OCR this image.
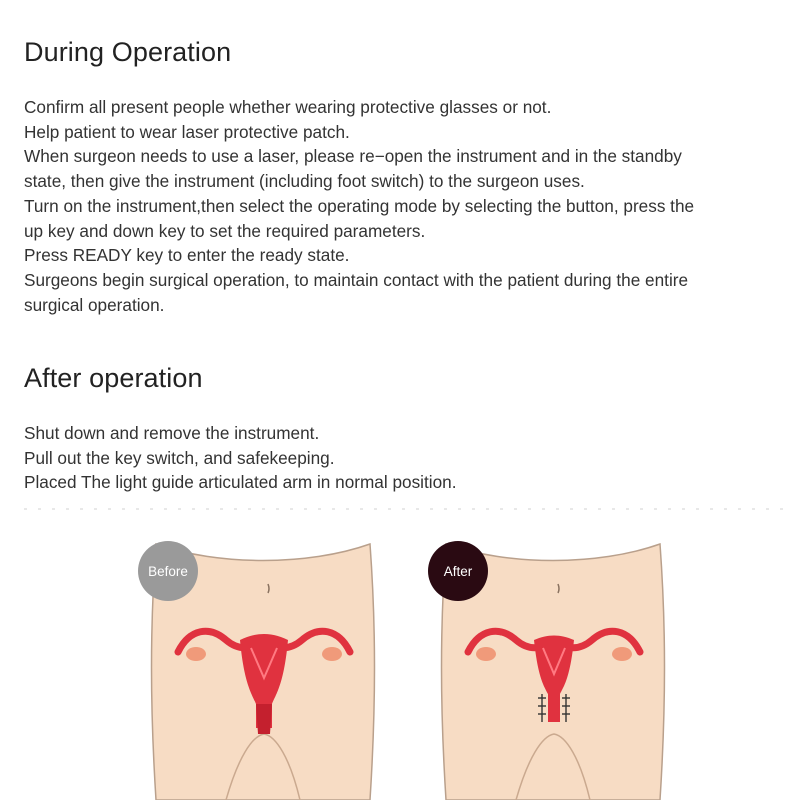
During Operation
Confirm all present people whether wearing protective glasses or not.
Help patient to wear laser protective patch.
When surgeon needs to use a laser, please re−open the instrument and in the standby
state, then give the instrument (including foot switch) to the surgeon uses.
Turn on the instrument,then select the operating mode by selecting the button, press the
up key and down key to set the required parameters.
Press READY key to enter the ready state.
Surgeons begin surgical operation, to maintain contact with the patient during the entire
surgical operation.
After operation
Shut down and remove the instrument.
Pull out the key switch, and safekeeping.
Placed The light guide articulated arm in normal position.
Before	After
